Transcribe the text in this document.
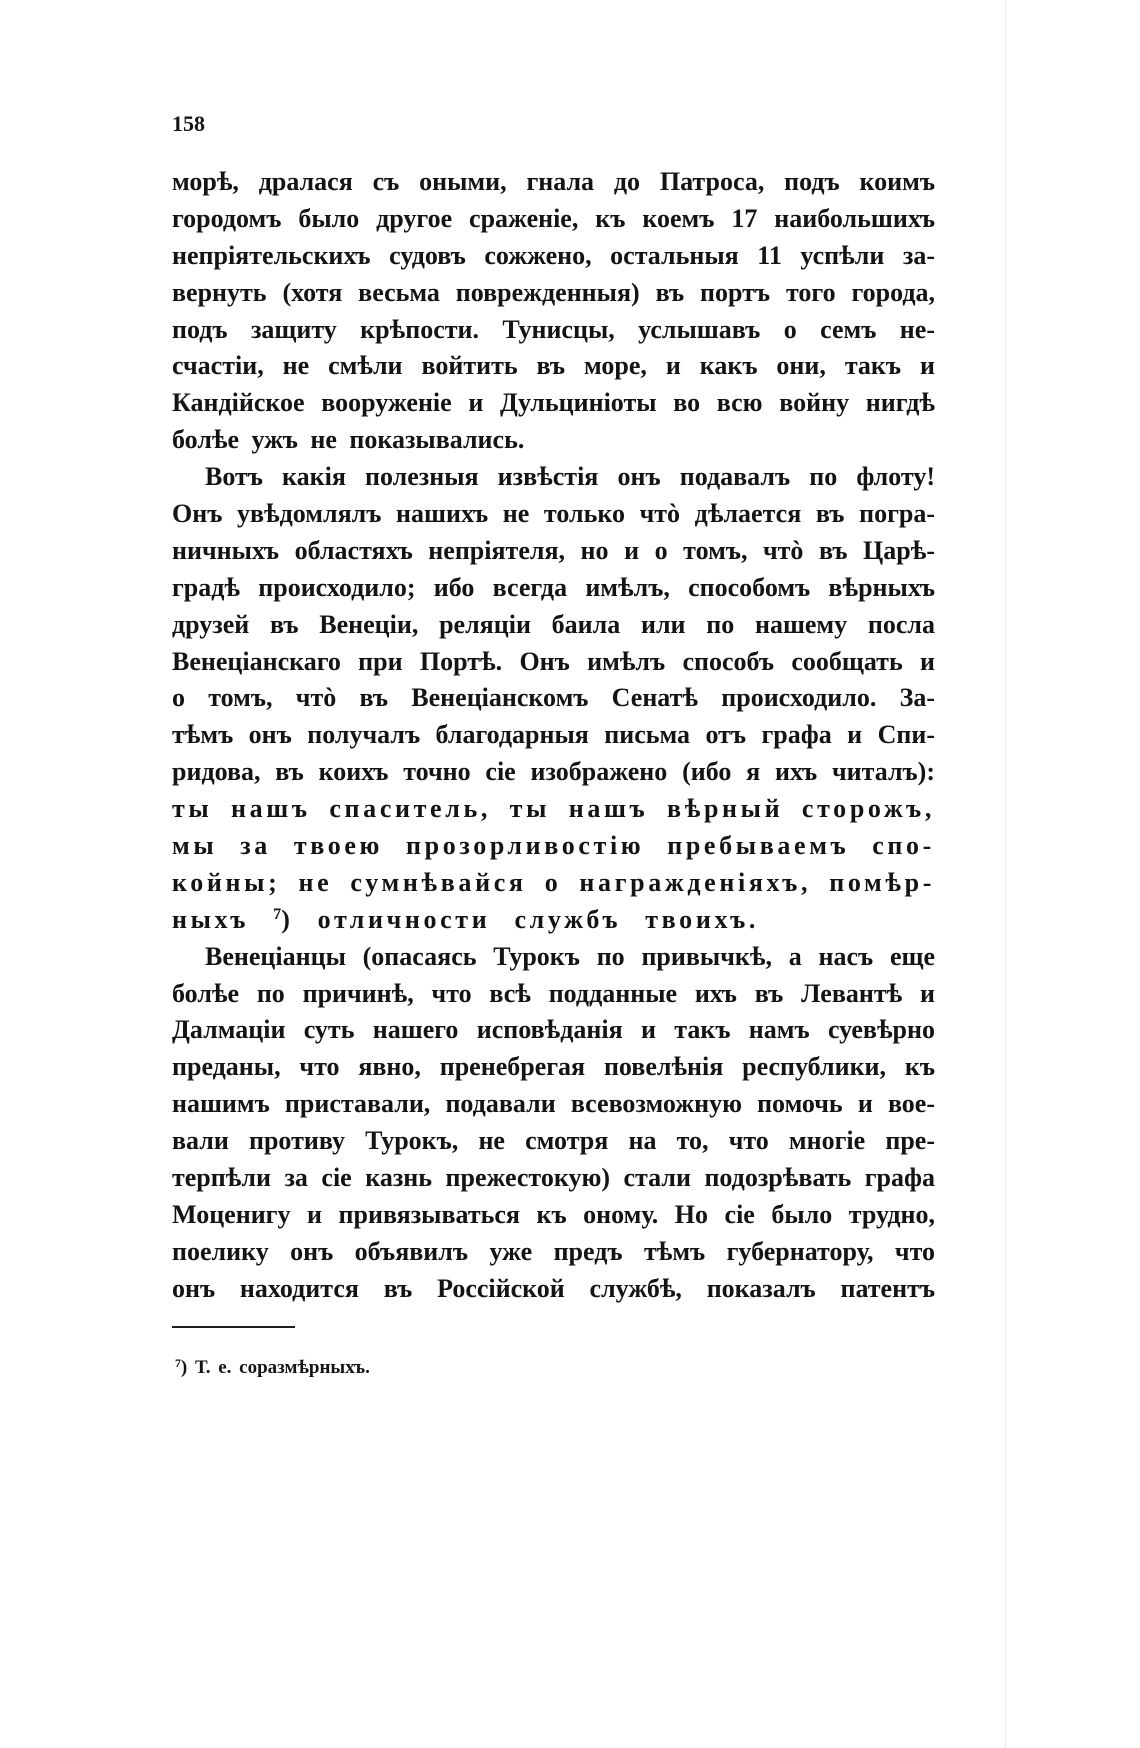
158
морѣ, дралася съ оными, гнала до Патроса, подъ коимъ
городомъ было другое сраженіе, къ коемъ 17 наибольшихъ
непріятельскихъ судовъ сожжено, остальныя 11 успѣли за-
вернуть (хотя весьма поврежденныя) въ портъ того города,
подъ защиту крѣпости. Тунисцы, услышавъ о семъ не-
счастіи, не смѣли войтить въ море, и какъ они, такъ и
Кандійское вооруженіе и Дульциніоты во всю войну нигдѣ
болѣе ужъ не показывались.
Вотъ какія полезныя извѣстія онъ подавалъ по флоту!
Онъ увѣдомлялъ нашихъ не только чтò дѣлается въ погра-
ничныхъ областяхъ непріятеля, но и о томъ, чтò въ Царѣ-
градѣ происходило; ибо всегда имѣлъ, способомъ вѣрныхъ
друзей въ Венеціи, реляціи баила или по нашему посла
Венеціанскаго при Портѣ. Онъ имѣлъ способъ сообщать и
о томъ, чтò въ Венеціанскомъ Сенатѣ происходило. За-
тѣмъ онъ получалъ благодарныя письма отъ графа и Спи-
ридова, въ коихъ точно сіе изображено (ибо я ихъ читалъ):
ты нашъ спаситель, ты нашъ вѣрный сторожъ,
мы за твоею прозорливостію пребываемъ спо-
койны; не сумнѣвайся о награжденіяхъ, помѣр-
ныхъ $^7$) отличности службъ твоихъ.
Венеціанцы (опасаясь Турокъ по привычкѣ, а насъ еще
болѣе по причинѣ, что всѣ подданные ихъ въ Левантѣ и
Далмаціи суть нашего исповѣданія и такъ намъ суевѣрно
преданы, что явно, пренебрегая повелѣнія республики, къ
нашимъ приставали, подавали всевозможную помочь и вое-
вали противу Турокъ, не смотря на то, что многіе пре-
терпѣли за сіе казнь прежестокую) стали подозрѣвать графа
Моценигу и привязываться къ оному. Но сіе было трудно,
поелику онъ объявилъ уже предъ тѣмъ губернатору, что
онъ находится въ Россійской службѣ, показалъ патентъ
$^7$) Т. е. соразмѣрныхъ.
